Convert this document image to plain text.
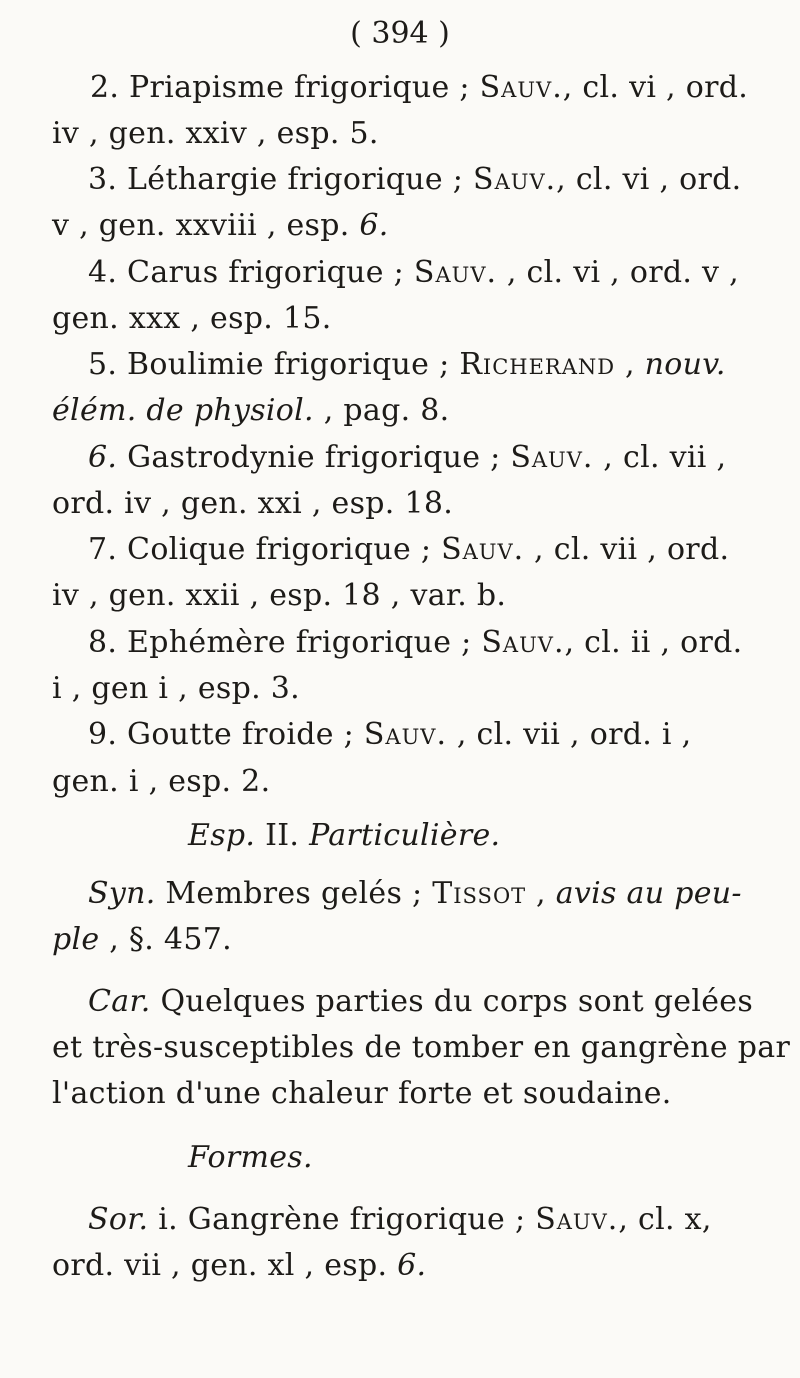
( 394 )
2. Priapisme frigorique ; Sauv., cl. vi , ord.
iv , gen. xxiv , esp. 5.
3. Léthargie frigorique ; Sauv., cl. vi , ord.
v , gen. xxviii , esp. 6.
4. Carus frigorique ; Sauv. , cl. vi , ord. v ,
gen. xxx , esp. 15.
5. Boulimie frigorique ; Richerand , nouv.
élém. de physiol. , pag. 8.
6. Gastrodynie frigorique ; Sauv. , cl. vii ,
ord. iv , gen. xxi , esp. 18.
7. Colique frigorique ; Sauv. , cl. vii , ord.
iv , gen. xxii , esp. 18 , var. b.
8. Ephémère frigorique ; Sauv., cl. ii , ord.
i , gen i , esp. 3.
9. Goutte froide ; Sauv. , cl. vii , ord. i ,
gen. i , esp. 2.
Esp. II. Particulière.
Syn. Membres gelés ; Tissot , avis au peu-
ple , §. 457.
Car. Quelques parties du corps sont gelées
et très-susceptibles de tomber en gangrène par
l'action d'une chaleur forte et soudaine.
Formes.
Sor. i. Gangrène frigorique ; Sauv., cl. x,
ord. vii , gen. xl , esp. 6.
